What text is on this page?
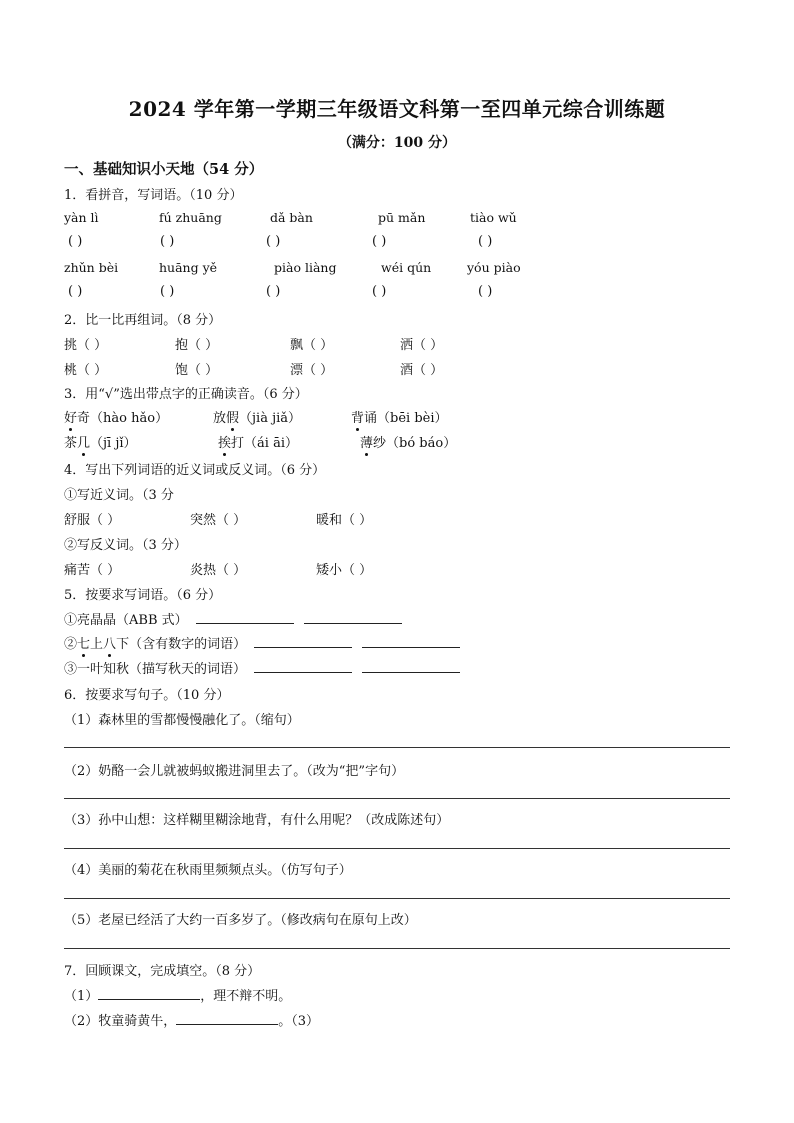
2024 学年第一学期三年级语文科第一至四单元综合训练题
（满分：100 分）
一、基础知识小天地（54 分）
1．看拼音，写词语。（10 分）
yàn lì	fú zhuāng	dǎ bàn	pū mǎn	tiào wǔ
( )	( )	( )	( )	( )
zhǔn bèi	huāng yě	piào liàng	wéi qún	yóu piào
( )	( )	( )	( )	( )
2．比一比再组词。（8 分）
挑（ ）	抱（ ）	飘（ ）	洒（ ）
桃（ ）	饱（ ）	漂（ ）	酒（ ）
3．用“√”选出带点字的正确读音。（6 分）
好奇（hào hǎo）	放假（jià jiǎ）	背诵（bēi bèi）
茶几（jī jǐ）	挨打（ái āi）	薄纱（bó báo）
4．写出下列词语的近义词或反义词。（6 分）
①写近义词。（3 分
舒服（ ）	突然（ ）	暖和（ ）
②写反义词。（3 分）
痛苦（ ）	炎热（ ）	矮小（ ）
5．按要求写词语。（6 分）
①亮晶晶（ABB 式）
②七上八下（含有数字的词语）
③一叶知秋（描写秋天的词语）
6．按要求写句子。（10 分）
（1）森林里的雪都慢慢融化了。（缩句）
（2）奶酪一会儿就被蚂蚁搬进洞里去了。（改为“把”字句）
（3）孙中山想：这样糊里糊涂地背，有什么用呢？（改成陈述句）
（4）美丽的菊花在秋雨里频频点头。（仿写句子）
（5）老屋已经活了大约一百多岁了。（修改病句在原句上改）
7．回顾课文，完成填空。（8 分）
（1）	，理不辩不明。
（2）牧童骑黄牛，	。（3）
